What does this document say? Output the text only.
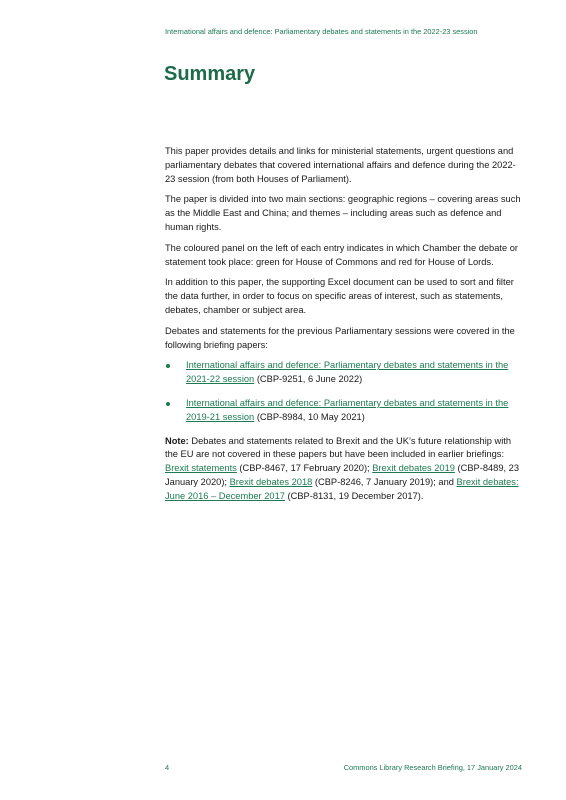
International affairs and defence: Parliamentary debates and statements in the 2022-23 session
Summary

This paper provides details and links for ministerial statements, urgent questions and parliamentary debates that covered international affairs and defence during the 2022-23 session (from both Houses of Parliament).

The paper is divided into two main sections: geographic regions – covering areas such as the Middle East and China; and themes – including areas such as defence and human rights.

The coloured panel on the left of each entry indicates in which Chamber the debate or statement took place: green for House of Commons and red for House of Lords.

In addition to this paper, the supporting Excel document can be used to sort and filter the data further, in order to focus on specific areas of interest, such as statements, debates, chamber or subject area.

Debates and statements for the previous Parliamentary sessions were covered in the following briefing papers:

International affairs and defence: Parliamentary debates and statements in the 2021-22 session (CBP-9251, 6 June 2022)
International affairs and defence: Parliamentary debates and statements in the 2019-21 session (CBP-8984, 10 May 2021)

Note: Debates and statements related to Brexit and the UK’s future relationship with the EU are not covered in these papers but have been included in earlier briefings: Brexit statements (CBP-8467, 17 February 2020); Brexit debates 2019 (CBP-8489, 23 January 2020); Brexit debates 2018 (CBP-8246, 7 January 2019); and Brexit debates: June 2016 – December 2017 (CBP-8131, 19 December 2017).

4	Commons Library Research Briefing, 17 January 2024
